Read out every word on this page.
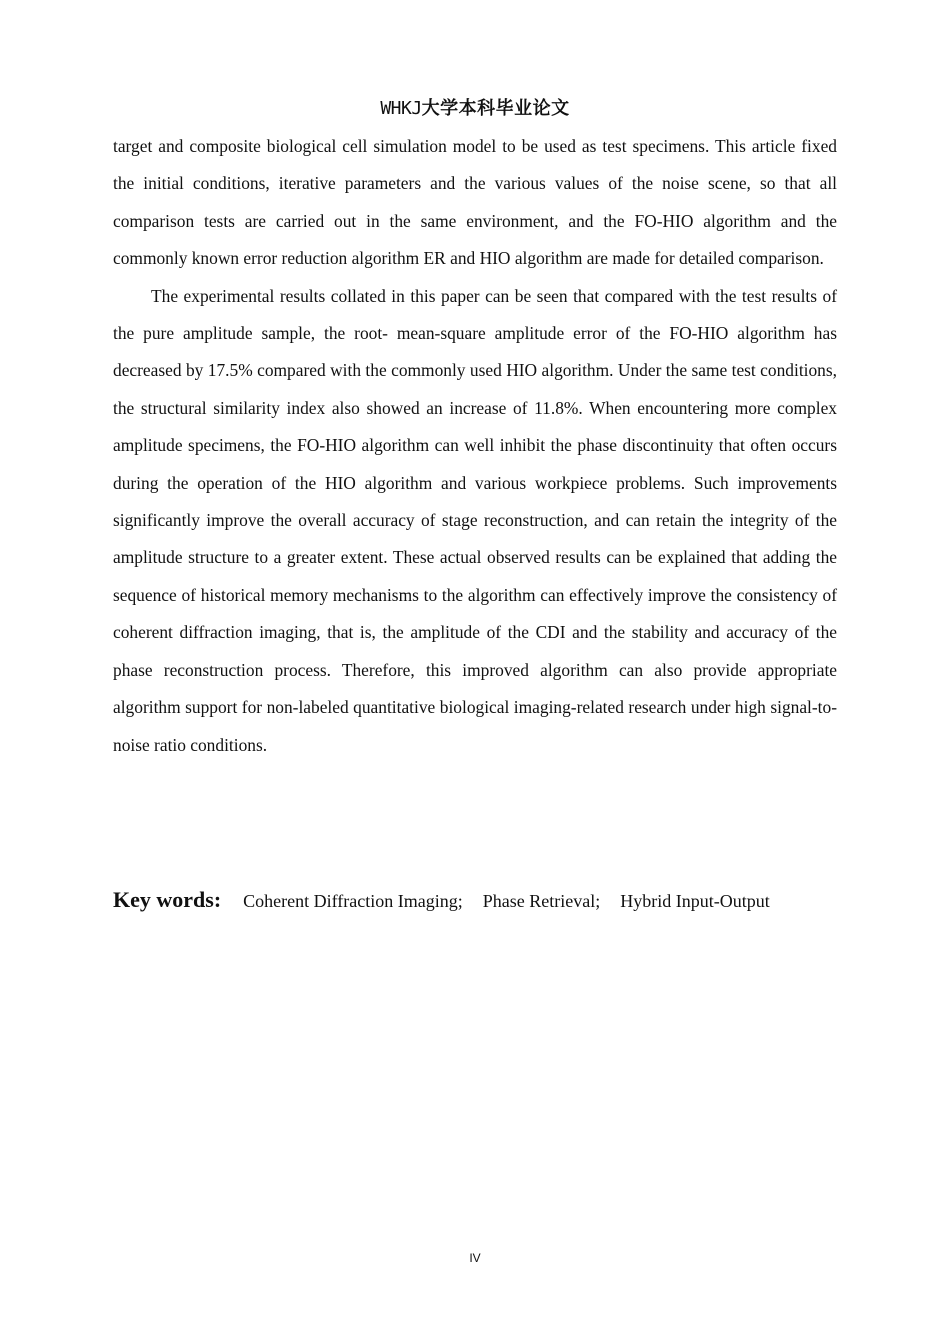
WHKJ大学本科毕业论文

target and composite biological cell simulation model to be used as test specimens. This article fixed the initial conditions, iterative parameters and the various values of the noise scene, so that all comparison tests are carried out in the same environment, and the FO-HIO algorithm and the commonly known error reduction algorithm ER and HIO algorithm are made for detailed comparison.

The experimental results collated in this paper can be seen that compared with the test results of the pure amplitude sample, the root- mean-square amplitude error of the FO-HIO algorithm has decreased by 17.5% compared with the commonly used HIO algorithm. Under the same test conditions, the structural similarity index also showed an increase of 11.8%. When encountering more complex amplitude specimens, the FO-HIO algorithm can well inhibit the phase discontinuity that often occurs during the operation of the HIO algorithm and various workpiece problems. Such improvements significantly improve the overall accuracy of stage reconstruction, and can retain the integrity of the amplitude structure to a greater extent. These actual observed results can be explained that adding the sequence of historical memory mechanisms to the algorithm can effectively improve the consistency of coherent diffraction imaging, that is, the amplitude of the CDI and the stability and accuracy of the phase reconstruction process. Therefore, this improved algorithm can also provide appropriate algorithm support for non-labeled quantitative biological imaging-related research under high signal-to-noise ratio conditions.

Key words: Coherent Diffraction Imaging; Phase Retrieval; Hybrid Input-Output
IV
